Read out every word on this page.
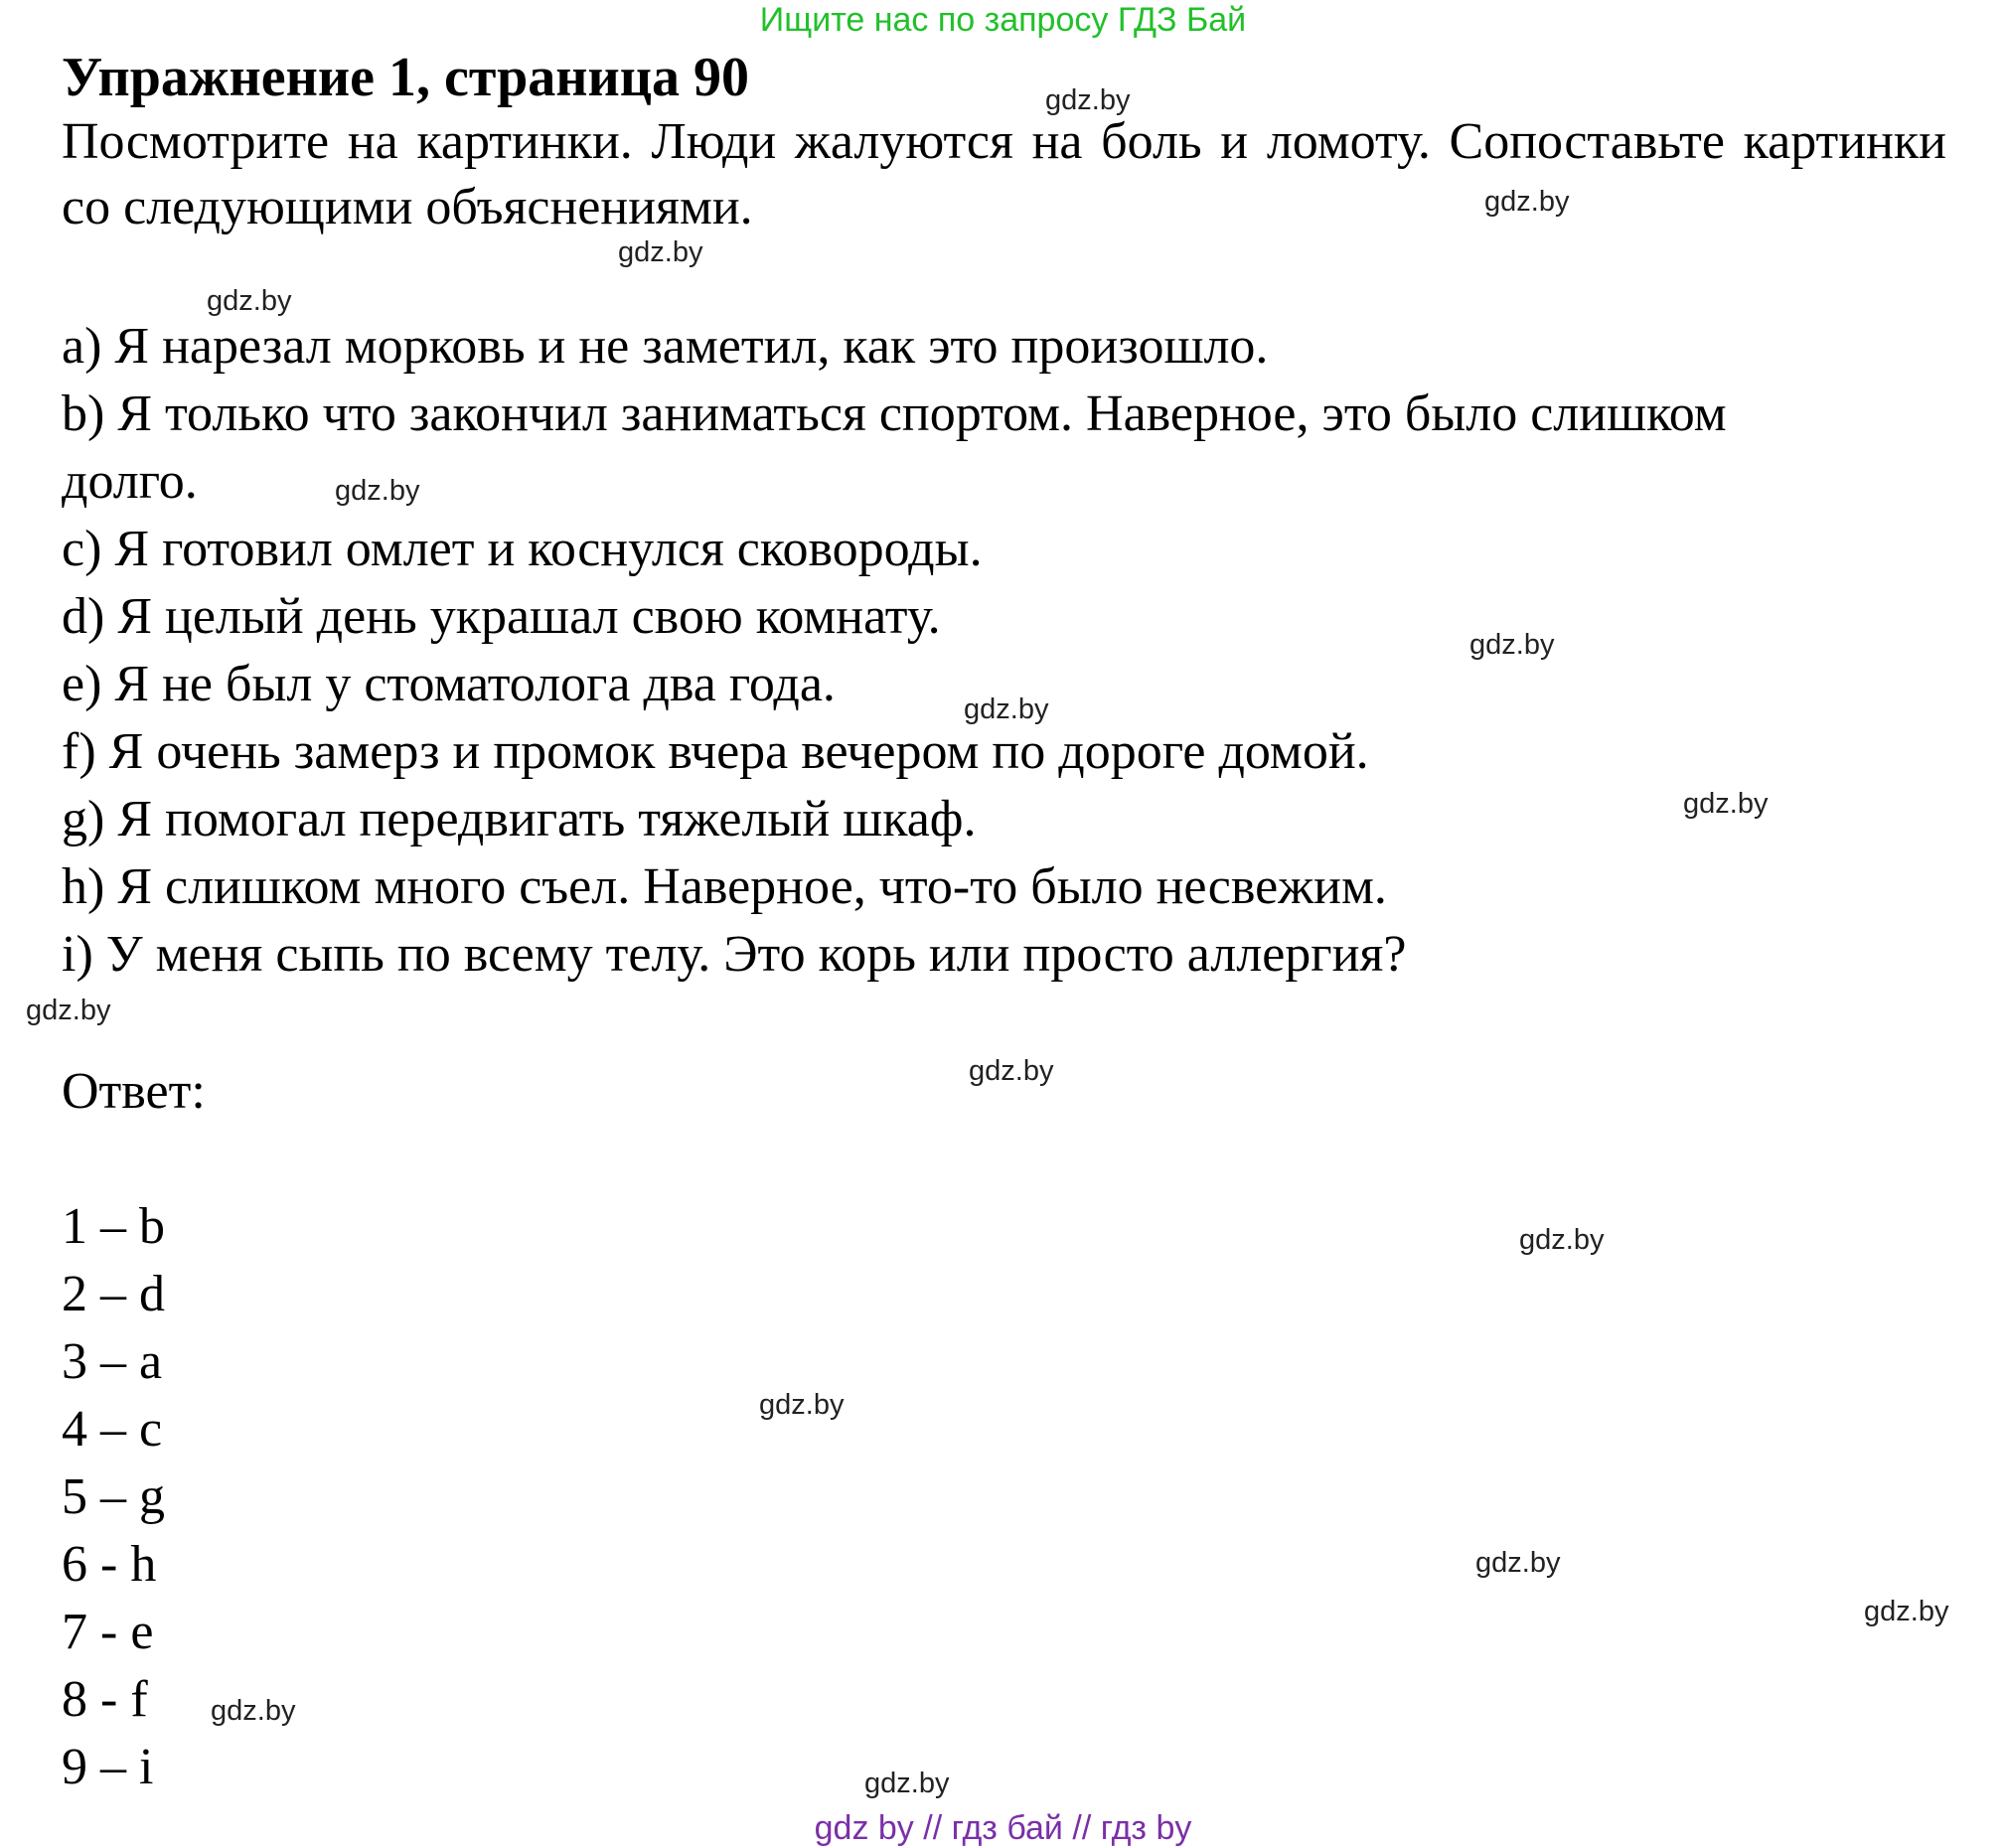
Ищите нас по запросу ГДЗ Бай
Упражнение 1, страница 90
Посмотрите на картинки. Люди жалуются на боль и ломоту. Сопоставьте картинки со следующими объяснениями.
a) Я нарезал морковь и не заметил, как это произошло.
b) Я только что закончил заниматься спортом. Наверное, это было слишком
долго.
c) Я готовил омлет и коснулся сковороды.
d) Я целый день украшал свою комнату.
e) Я не был у стоматолога два года.
f) Я очень замерз и промок вчера вечером по дороге домой.
g) Я помогал передвигать тяжелый шкаф.
h) Я слишком много съел. Наверное, что-то было несвежим.
i) У меня сыпь по всему телу. Это корь или просто аллергия?
Ответ:
1 – b
2 – d
3 – a
4 – c
5 – g
6 - h
7 - e
8 - f
9 – i
gdz.by
gdz.by
gdz.by
gdz.by
gdz.by
gdz.by
gdz.by
gdz.by
gdz.by
gdz.by
gdz.by
gdz.by
gdz.by
gdz.by
gdz.by
gdz.by
gdz by // гдз бай // гдз by
